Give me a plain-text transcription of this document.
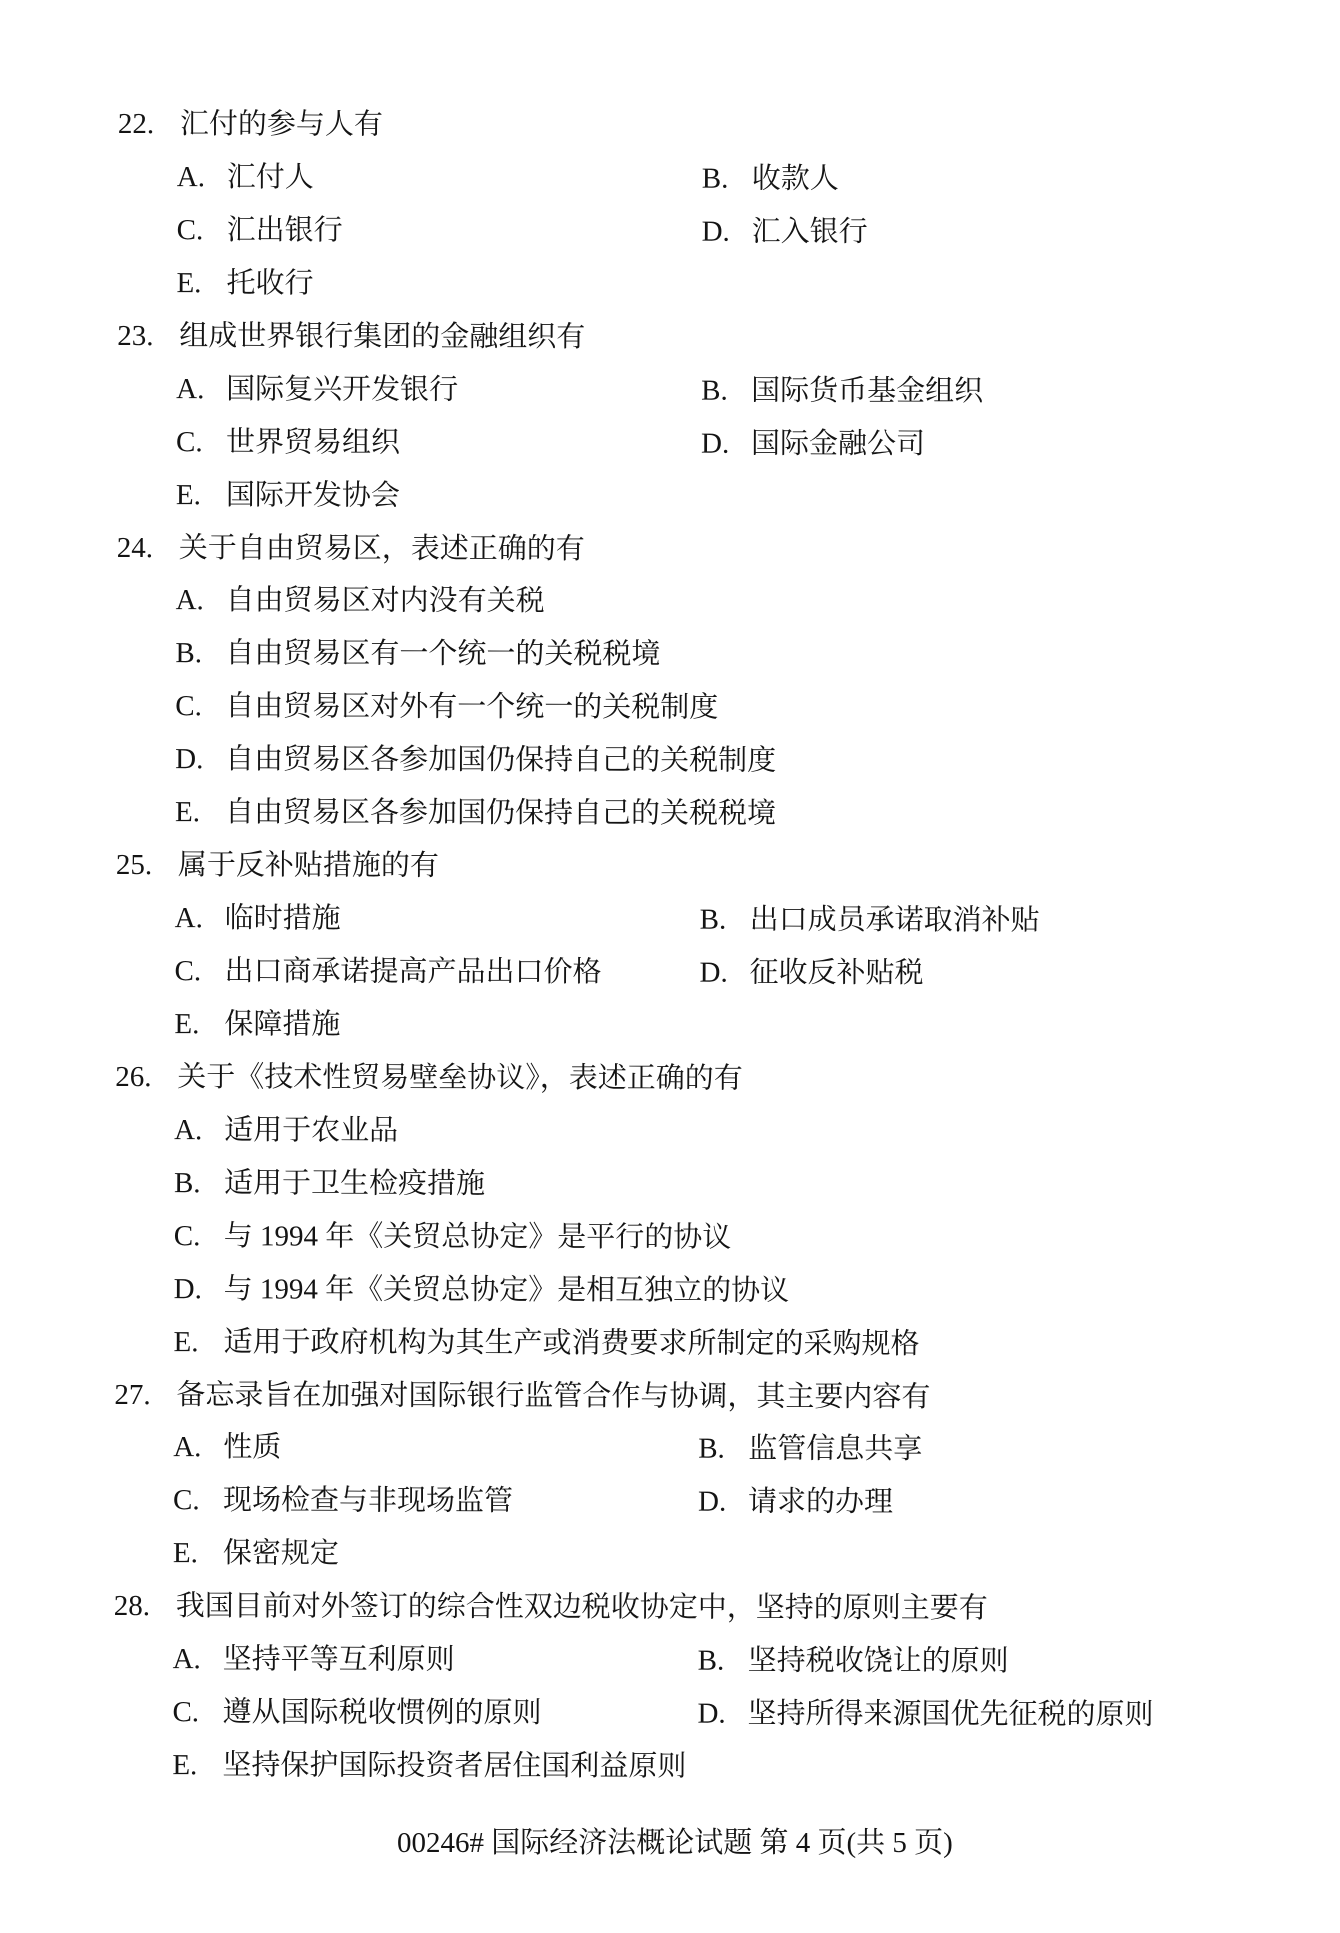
22. 汇付的参与人有
A. 汇付人	B. 收款人
C. 汇出银行	D. 汇入银行
E. 托收行
23. 组成世界银行集团的金融组织有
A. 国际复兴开发银行	B. 国际货币基金组织
C. 世界贸易组织	D. 国际金融公司
E. 国际开发协会
24. 关于自由贸易区，表述正确的有
A. 自由贸易区对内没有关税
B. 自由贸易区有一个统一的关税税境
C. 自由贸易区对外有一个统一的关税制度
D. 自由贸易区各参加国仍保持自己的关税制度
E. 自由贸易区各参加国仍保持自己的关税税境
25. 属于反补贴措施的有
A. 临时措施	B. 出口成员承诺取消补贴
C. 出口商承诺提高产品出口价格	D. 征收反补贴税
E. 保障措施
26. 关于《技术性贸易壁垒协议》，表述正确的有
A. 适用于农业品
B. 适用于卫生检疫措施
C. 与 1994 年《关贸总协定》是平行的协议
D. 与 1994 年《关贸总协定》是相互独立的协议
E. 适用于政府机构为其生产或消费要求所制定的采购规格
27. 备忘录旨在加强对国际银行监管合作与协调，其主要内容有
A. 性质	B. 监管信息共享
C. 现场检查与非现场监管	D. 请求的办理
E. 保密规定
28. 我国目前对外签订的综合性双边税收协定中，坚持的原则主要有
A. 坚持平等互利原则	B. 坚持税收饶让的原则
C. 遵从国际税收惯例的原则	D. 坚持所得来源国优先征税的原则
E. 坚持保护国际投资者居住国利益原则
00246# 国际经济法概论试题 第 4 页(共 5 页)
